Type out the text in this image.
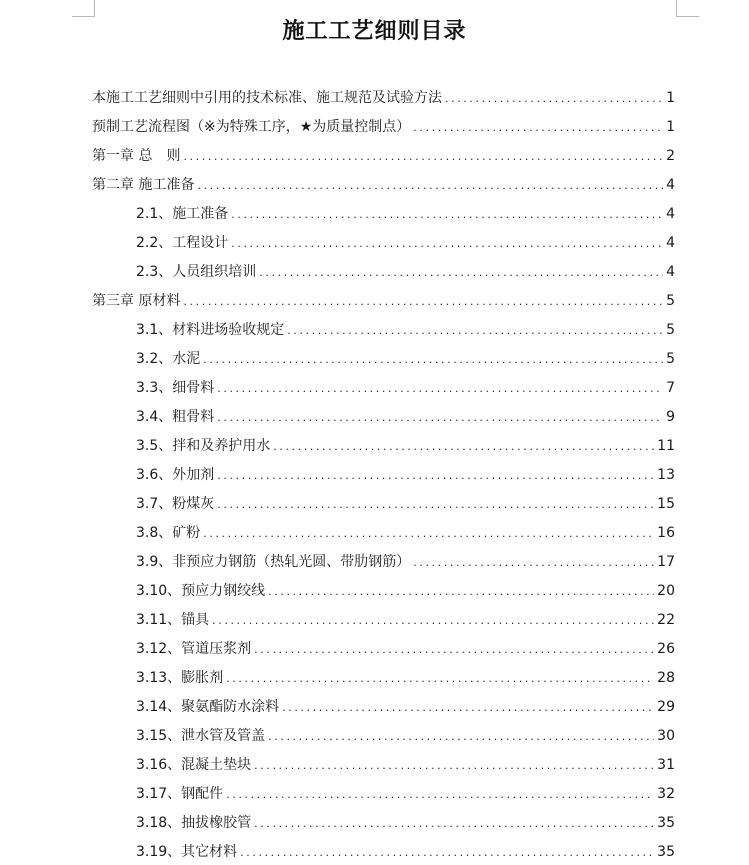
施工工艺细则目录
本施工工艺细则中引用的技术标准、施工规范及试验方法 .....	1
预制工艺流程图（※为特殊工序，★为质量控制点） .....	1
第一章 总　则 .....	2
第二章 施工准备 .....	4
2.1、施工准备 .....	4
2.2、工程设计 .....	4
2.3、人员组织培训 .....	4
第三章 原材料 .....	5
3.1、材料进场验收规定 .....	5
3.2、水泥 .....	5
3.3、细骨料 .....	7
3.4、粗骨料 .....	9
3.5、拌和及养护用水 .....	11
3.6、外加剂 .....	13
3.7、粉煤灰 .....	15
3.8、矿粉 .....	16
3.9、非预应力钢筋（热轧光圆、带肋钢筋） .....	17
3.10、预应力钢绞线 .....	20
3.11、锚具 .....	22
3.12、管道压浆剂 .....	26
3.13、膨胀剂 .....	28
3.14、聚氨酯防水涂料 .....	29
3.15、泄水管及管盖 .....	30
3.16、混凝土垫块 .....	31
3.17、钢配件 .....	32
3.18、抽拔橡胶管 .....	35
3.19、其它材料 .....	35
